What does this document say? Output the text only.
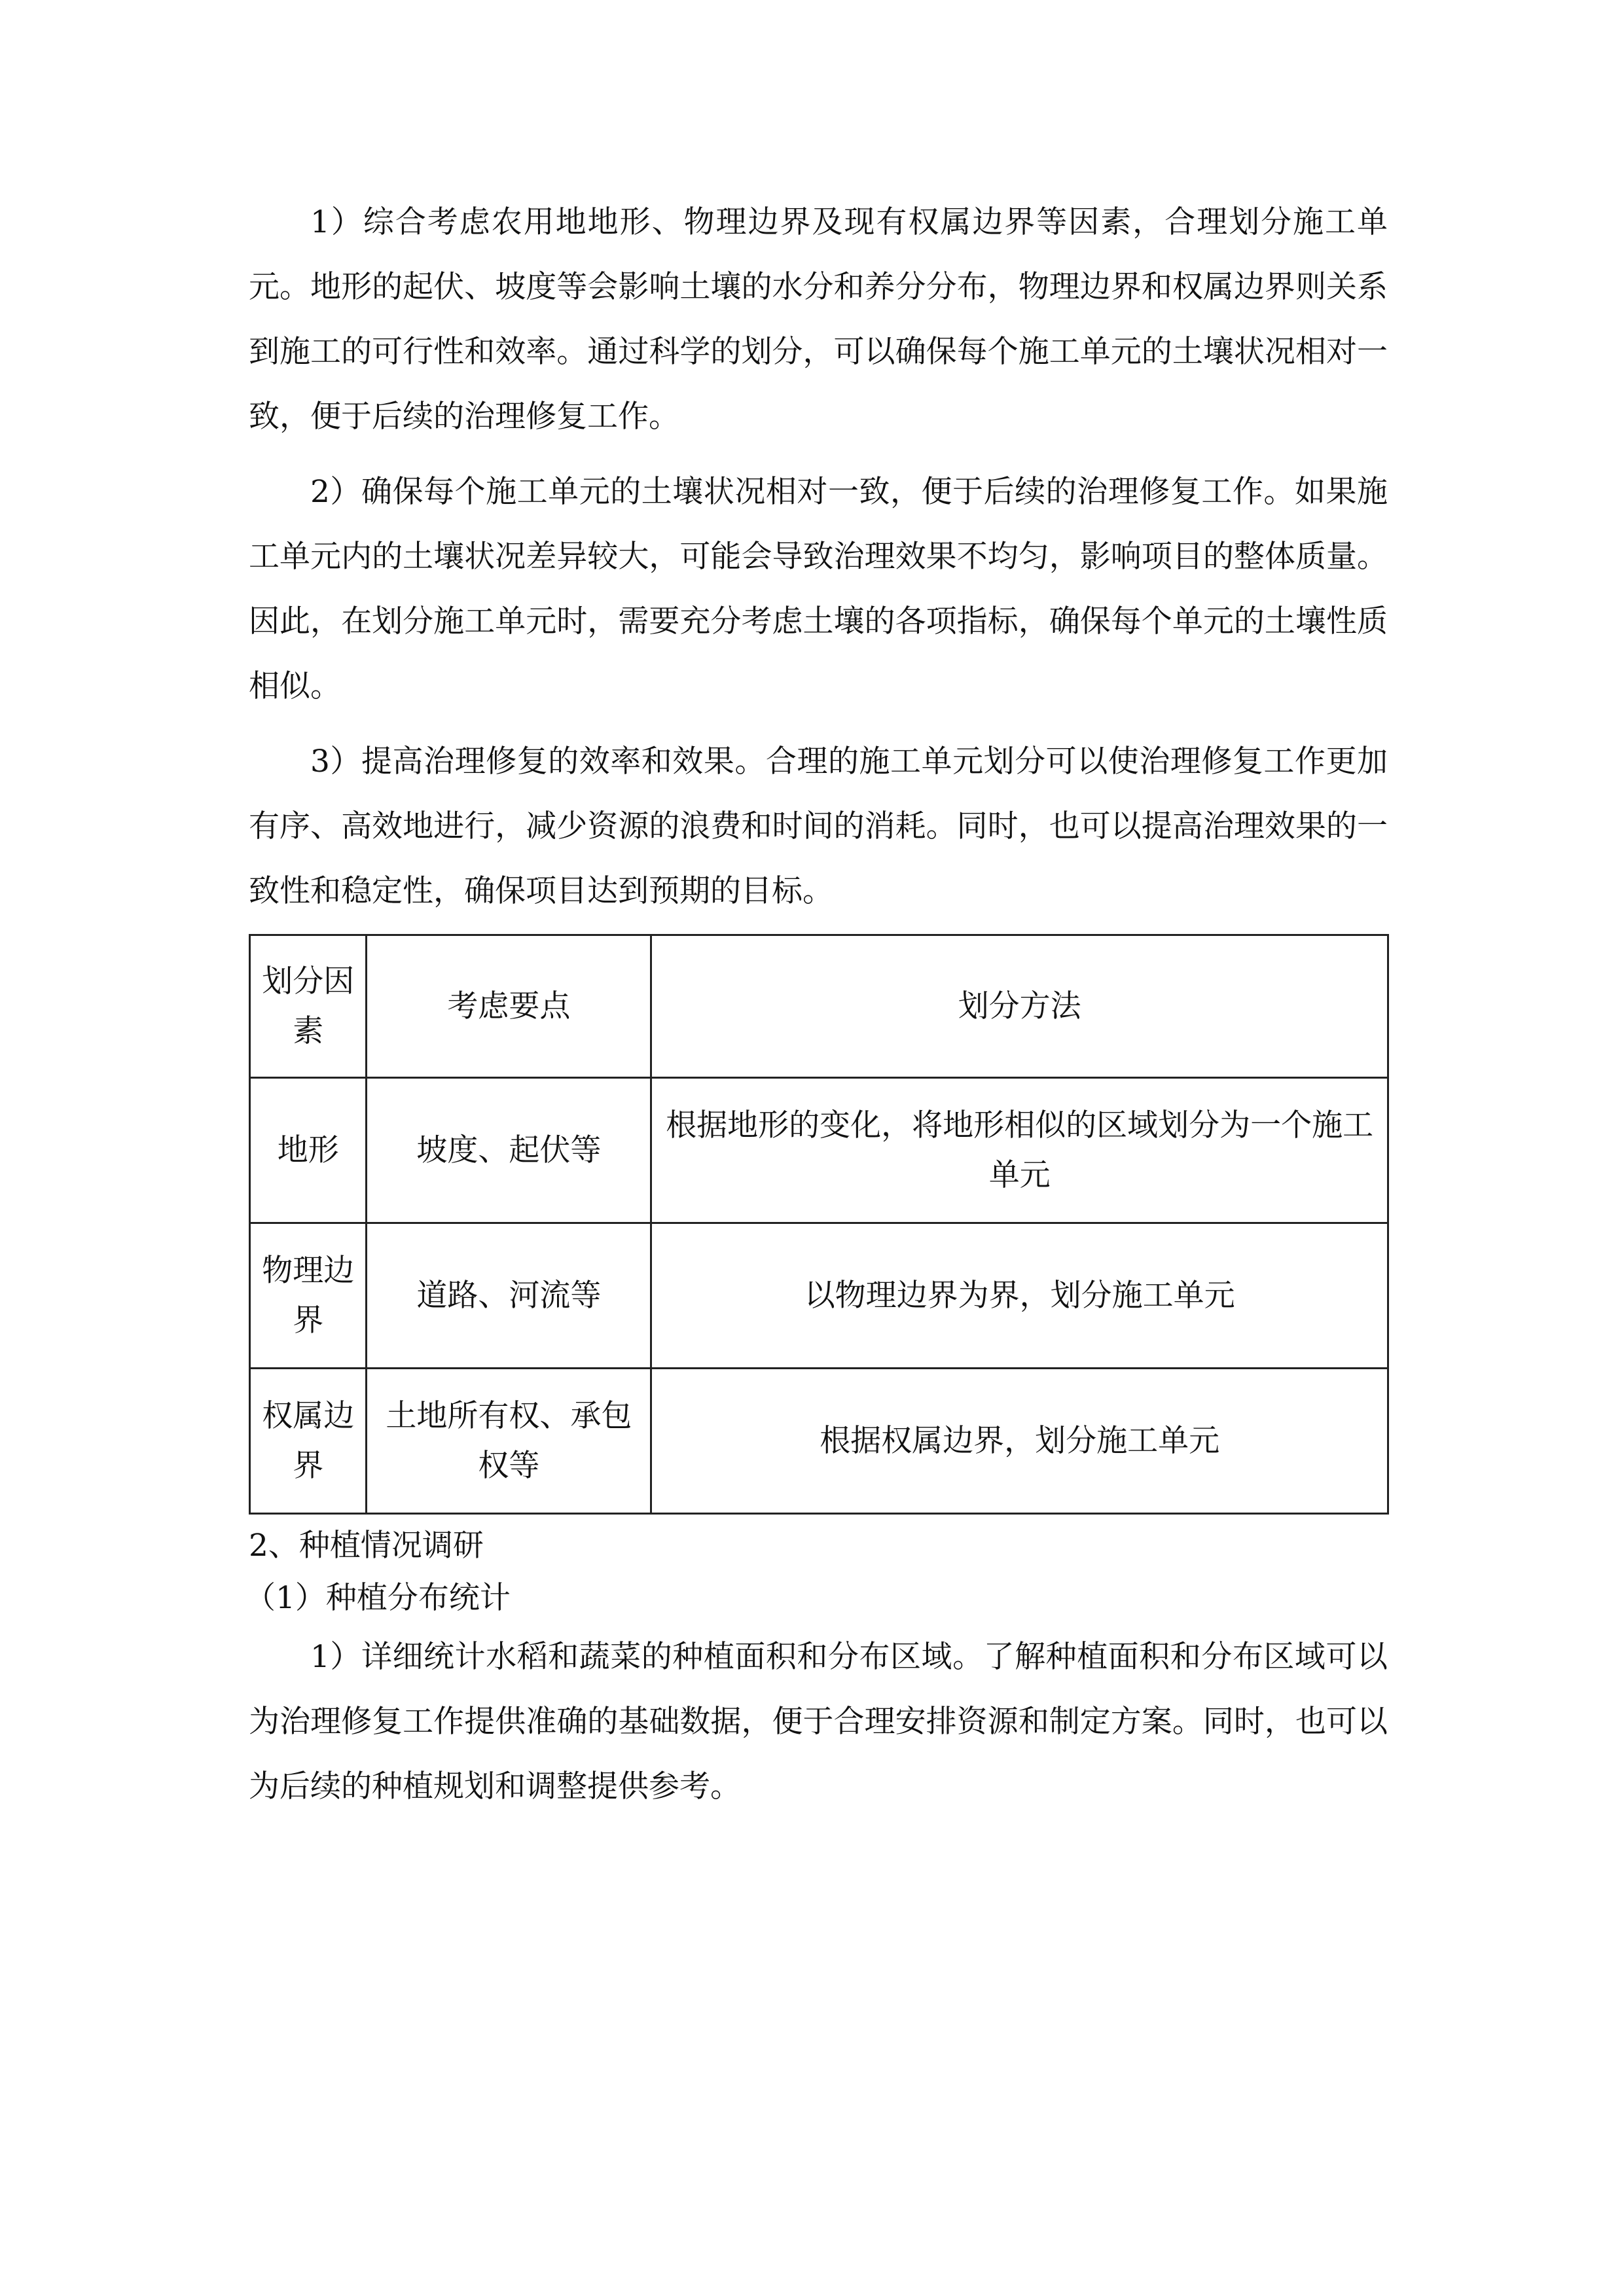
1）综合考虑农用地地形、物理边界及现有权属边界等因素，合理划分施工单元。地形的起伏、坡度等会影响土壤的水分和养分分布，物理边界和权属边界则关系到施工的可行性和效率。通过科学的划分，可以确保每个施工单元的土壤状况相对一致，便于后续的治理修复工作。

2）确保每个施工单元的土壤状况相对一致，便于后续的治理修复工作。如果施工单元内的土壤状况差异较大，可能会导致治理效果不均匀，影响项目的整体质量。因此，在划分施工单元时，需要充分考虑土壤的各项指标，确保每个单元的土壤性质相似。

3）提高治理修复的效率和效果。合理的施工单元划分可以使治理修复工作更加有序、高效地进行，减少资源的浪费和时间的消耗。同时，也可以提高治理效果的一致性和稳定性，确保项目达到预期的目标。

划分因素	考虑要点	划分方法
地形	坡度、起伏等	根据地形的变化，将地形相似的区域划分为一个施工单元
物理边界	道路、河流等	以物理边界为界，划分施工单元
权属边界	土地所有权、承包权等	根据权属边界，划分施工单元

2、种植情况调研

（1）种植分布统计

1）详细统计水稻和蔬菜的种植面积和分布区域。了解种植面积和分布区域可以为治理修复工作提供准确的基础数据，便于合理安排资源和制定方案。同时，也可以为后续的种植规划和调整提供参考。
